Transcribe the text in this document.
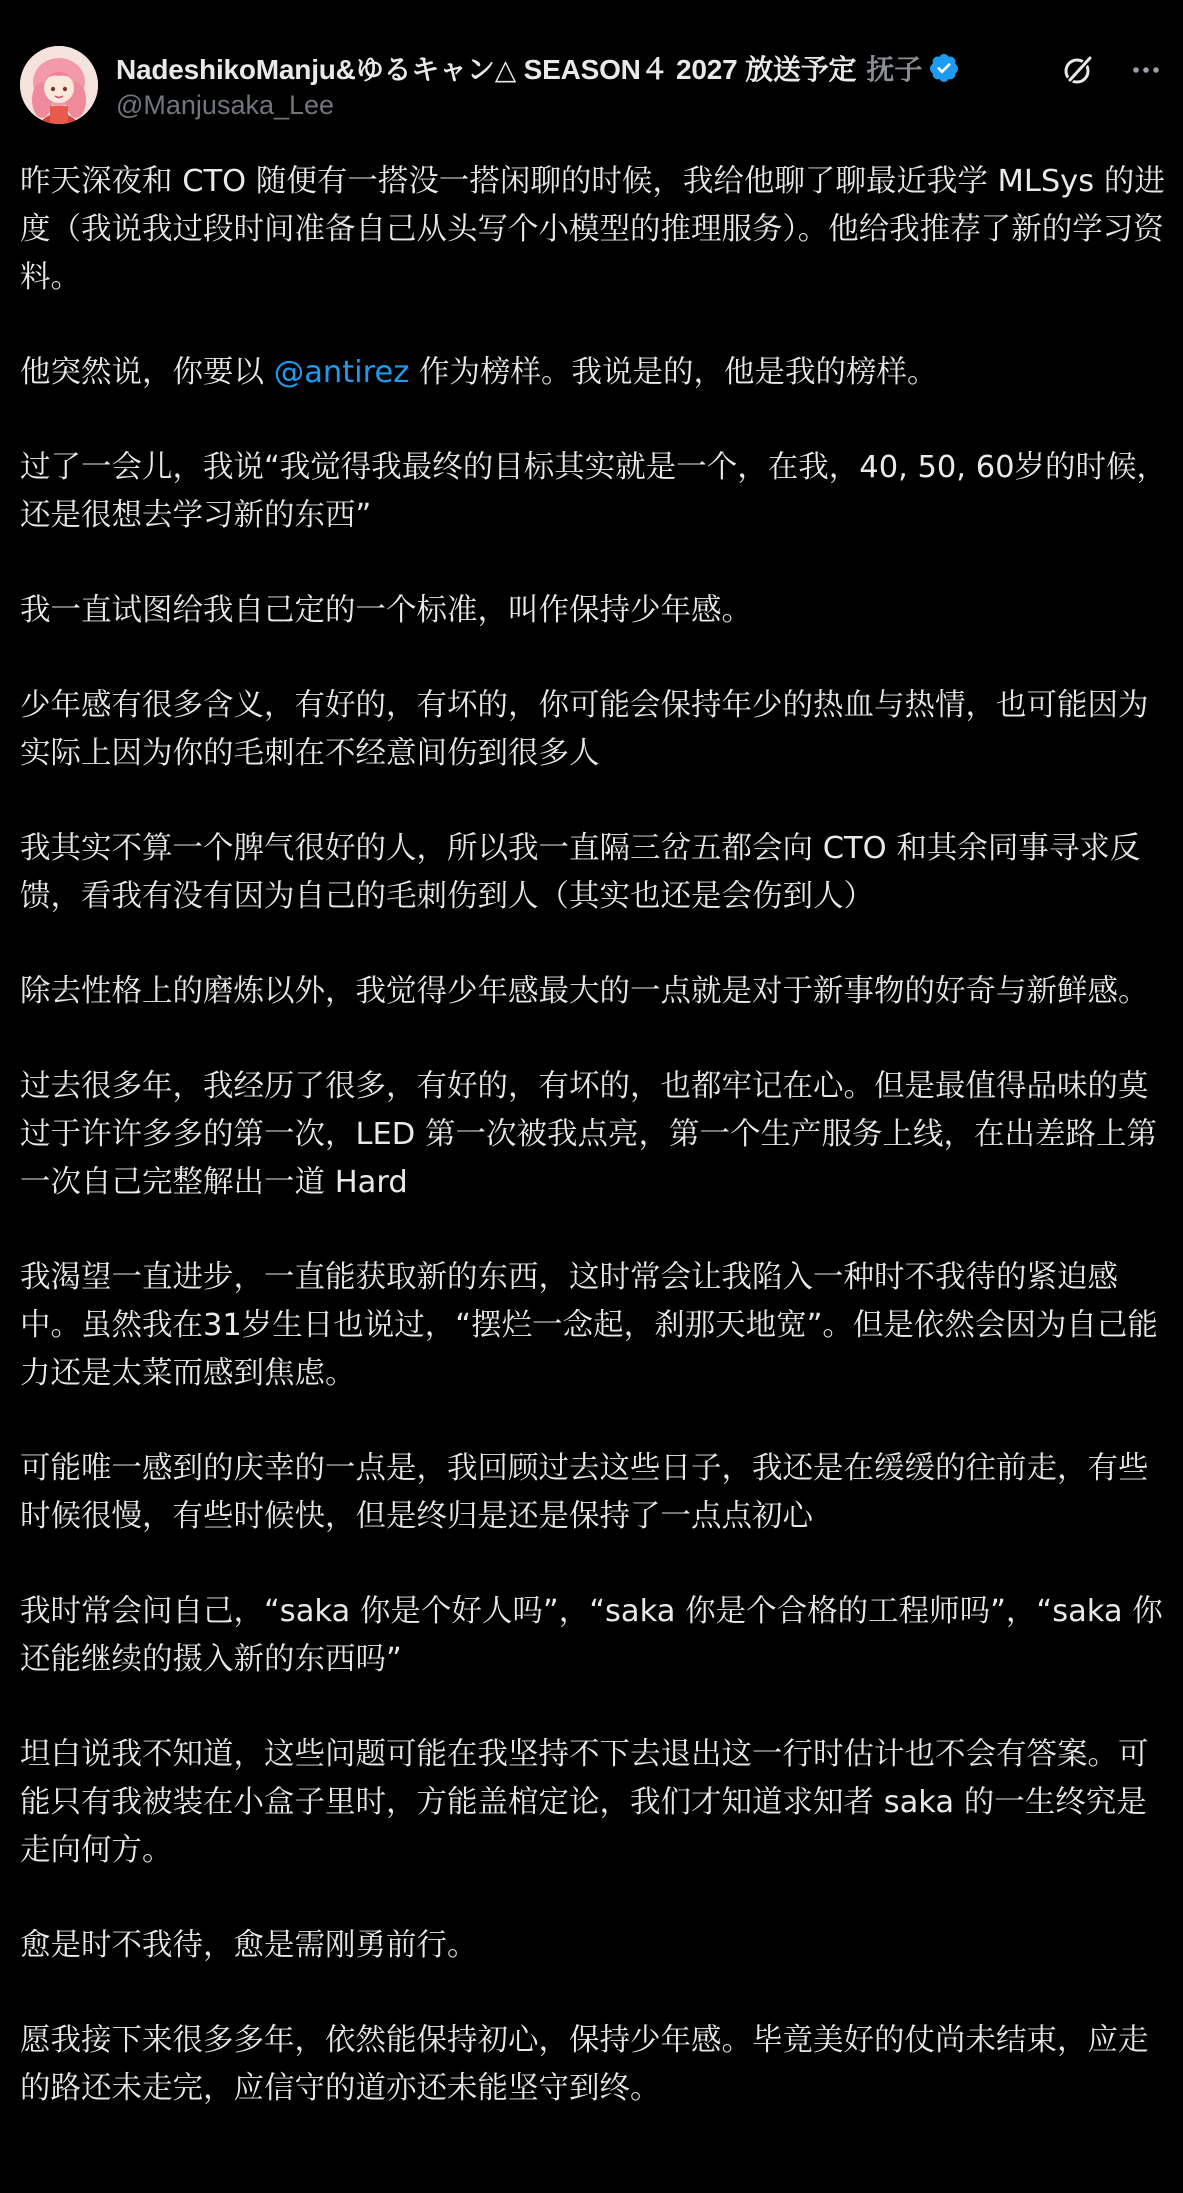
NadeshikoManju&ゆるキャン△ SEASON４ 2027 放送予定 抚子
@Manjusaka_Lee

昨天深夜和 CTO 随便有一搭没一搭闲聊的时候，我给他聊了聊最近我学 MLSys 的进度（我说我过段时间准备自己从头写个小模型的推理服务）。他给我推荐了新的学习资料。

他突然说，你要以 @antirez 作为榜样。我说是的，他是我的榜样。

过了一会儿，我说“我觉得我最终的目标其实就是一个，在我，40, 50, 60岁的时候，还是很想去学习新的东西”

我一直试图给我自己定的一个标准，叫作保持少年感。

少年感有很多含义，有好的，有坏的，你可能会保持年少的热血与热情，也可能因为实际上因为你的毛刺在不经意间伤到很多人

我其实不算一个脾气很好的人，所以我一直隔三岔五都会向 CTO 和其余同事寻求反馈，看我有没有因为自己的毛刺伤到人（其实也还是会伤到人）

除去性格上的磨炼以外，我觉得少年感最大的一点就是对于新事物的好奇与新鲜感。

过去很多年，我经历了很多，有好的，有坏的，也都牢记在心。但是最值得品味的莫过于许许多多的第一次，LED 第一次被我点亮，第一个生产服务上线，在出差路上第一次自己完整解出一道 Hard

我渴望一直进步，一直能获取新的东西，这时常会让我陷入一种时不我待的紧迫感中。虽然我在31岁生日也说过，“摆烂一念起，刹那天地宽”。但是依然会因为自己能力还是太菜而感到焦虑。

可能唯一感到的庆幸的一点是，我回顾过去这些日子，我还是在缓缓的往前走，有些时候很慢，有些时候快，但是终归是还是保持了一点点初心

我时常会问自己，“saka 你是个好人吗”，“saka 你是个合格的工程师吗”，“saka 你还能继续的摄入新的东西吗”

坦白说我不知道，这些问题可能在我坚持不下去退出这一行时估计也不会有答案。可能只有我被装在小盒子里时，方能盖棺定论，我们才知道求知者 saka 的一生终究是走向何方。

愈是时不我待，愈是需刚勇前行。

愿我接下来很多多年，依然能保持初心，保持少年感。毕竟美好的仗尚未结束，应走的路还未走完，应信守的道亦还未能坚守到终。
